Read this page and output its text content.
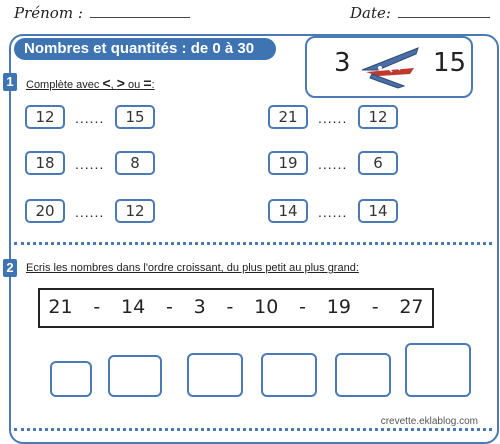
Prénom :	Date:
Nombres et quantités : de 0 à 30	3	15
1	Complète avec <, > ou =:
12	......	15	21	......	12
18	......	8	19	......	6
20	......	12	14	......	14
2	Ecris les nombres dans l'ordre croissant, du plus petit au plus grand:
21 - 14 - 3 - 10 - 19 - 27
crevette.eklablog.com
